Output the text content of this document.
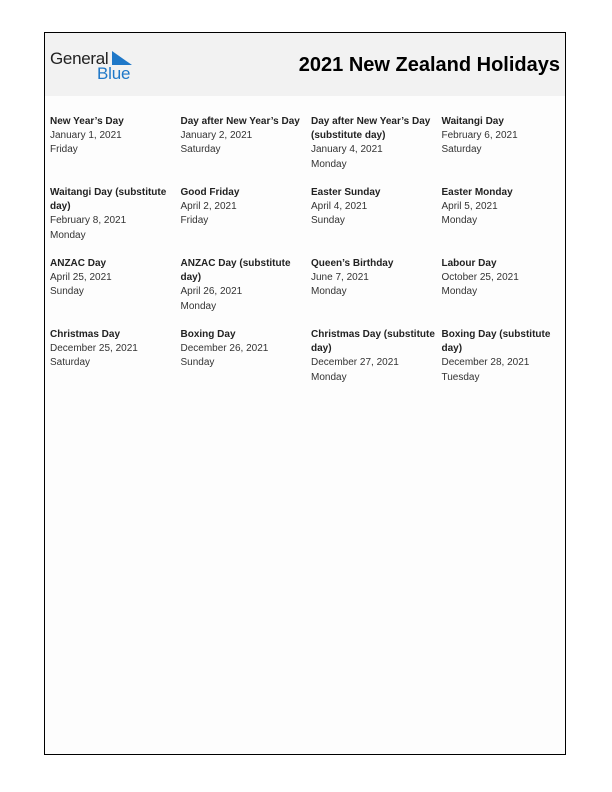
General
Blue	2021 New Zealand Holidays
New Year’s Day
January 1, 2021
Friday
Day after New Year’s Day
January 2, 2021
Saturday
Day after New Year’s Day (substitute day)
January 4, 2021
Monday
Waitangi Day
February 6, 2021
Saturday
Waitangi Day (substitute day)
February 8, 2021
Monday
Good Friday
April 2, 2021
Friday
Easter Sunday
April 4, 2021
Sunday
Easter Monday
April 5, 2021
Monday
ANZAC Day
April 25, 2021
Sunday
ANZAC Day (substitute day)
April 26, 2021
Monday
Queen’s Birthday
June 7, 2021
Monday
Labour Day
October 25, 2021
Monday
Christmas Day
December 25, 2021
Saturday
Boxing Day
December 26, 2021
Sunday
Christmas Day (substitute day)
December 27, 2021
Monday
Boxing Day (substitute day)
December 28, 2021
Tuesday
